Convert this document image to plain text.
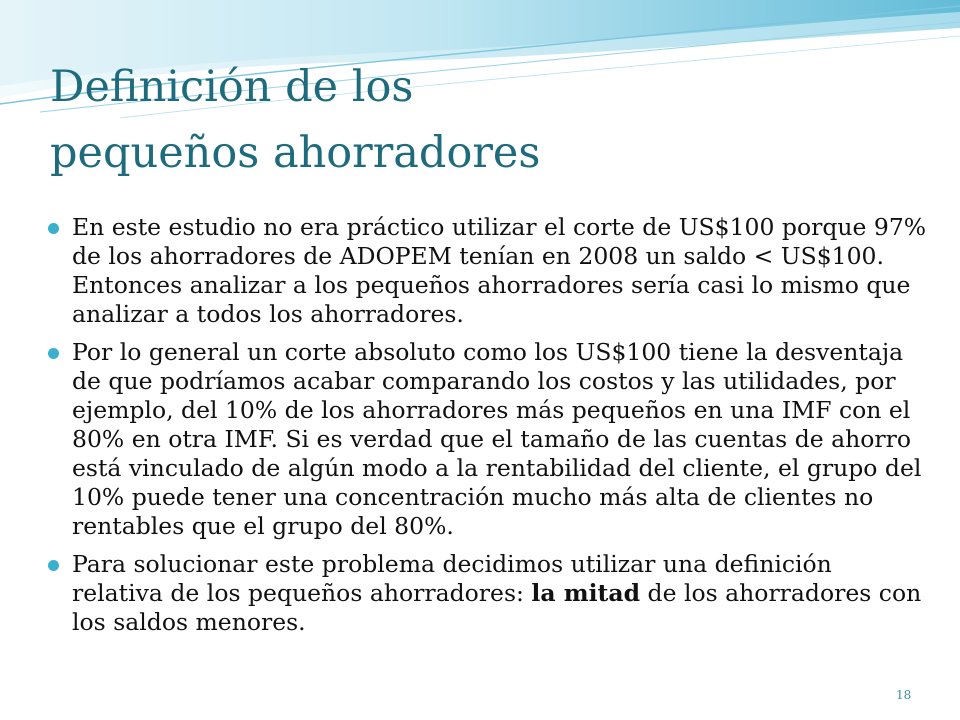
Definición de los
pequeños ahorradores
En este estudio no era práctico utilizar el corte de US$100 porque 97% de los ahorradores de ADOPEM tenían en 2008 un saldo < US$100. Entonces analizar a los pequeños ahorradores sería casi lo mismo que analizar a todos los ahorradores.
Por lo general un corte absoluto como los US$100 tiene la desventaja de que podríamos acabar comparando los costos y las utilidades, por ejemplo, del 10% de los ahorradores más pequeños en una IMF con el 80% en otra IMF. Si es verdad que el tamaño de las cuentas de ahorro está vinculado de algún modo a la rentabilidad del cliente, el grupo del 10% puede tener una concentración mucho más alta de clientes no rentables que el grupo del 80%.
Para solucionar este problema decidimos utilizar una definición relativa de los pequeños ahorradores: la mitad de los ahorradores con los saldos menores.
18
